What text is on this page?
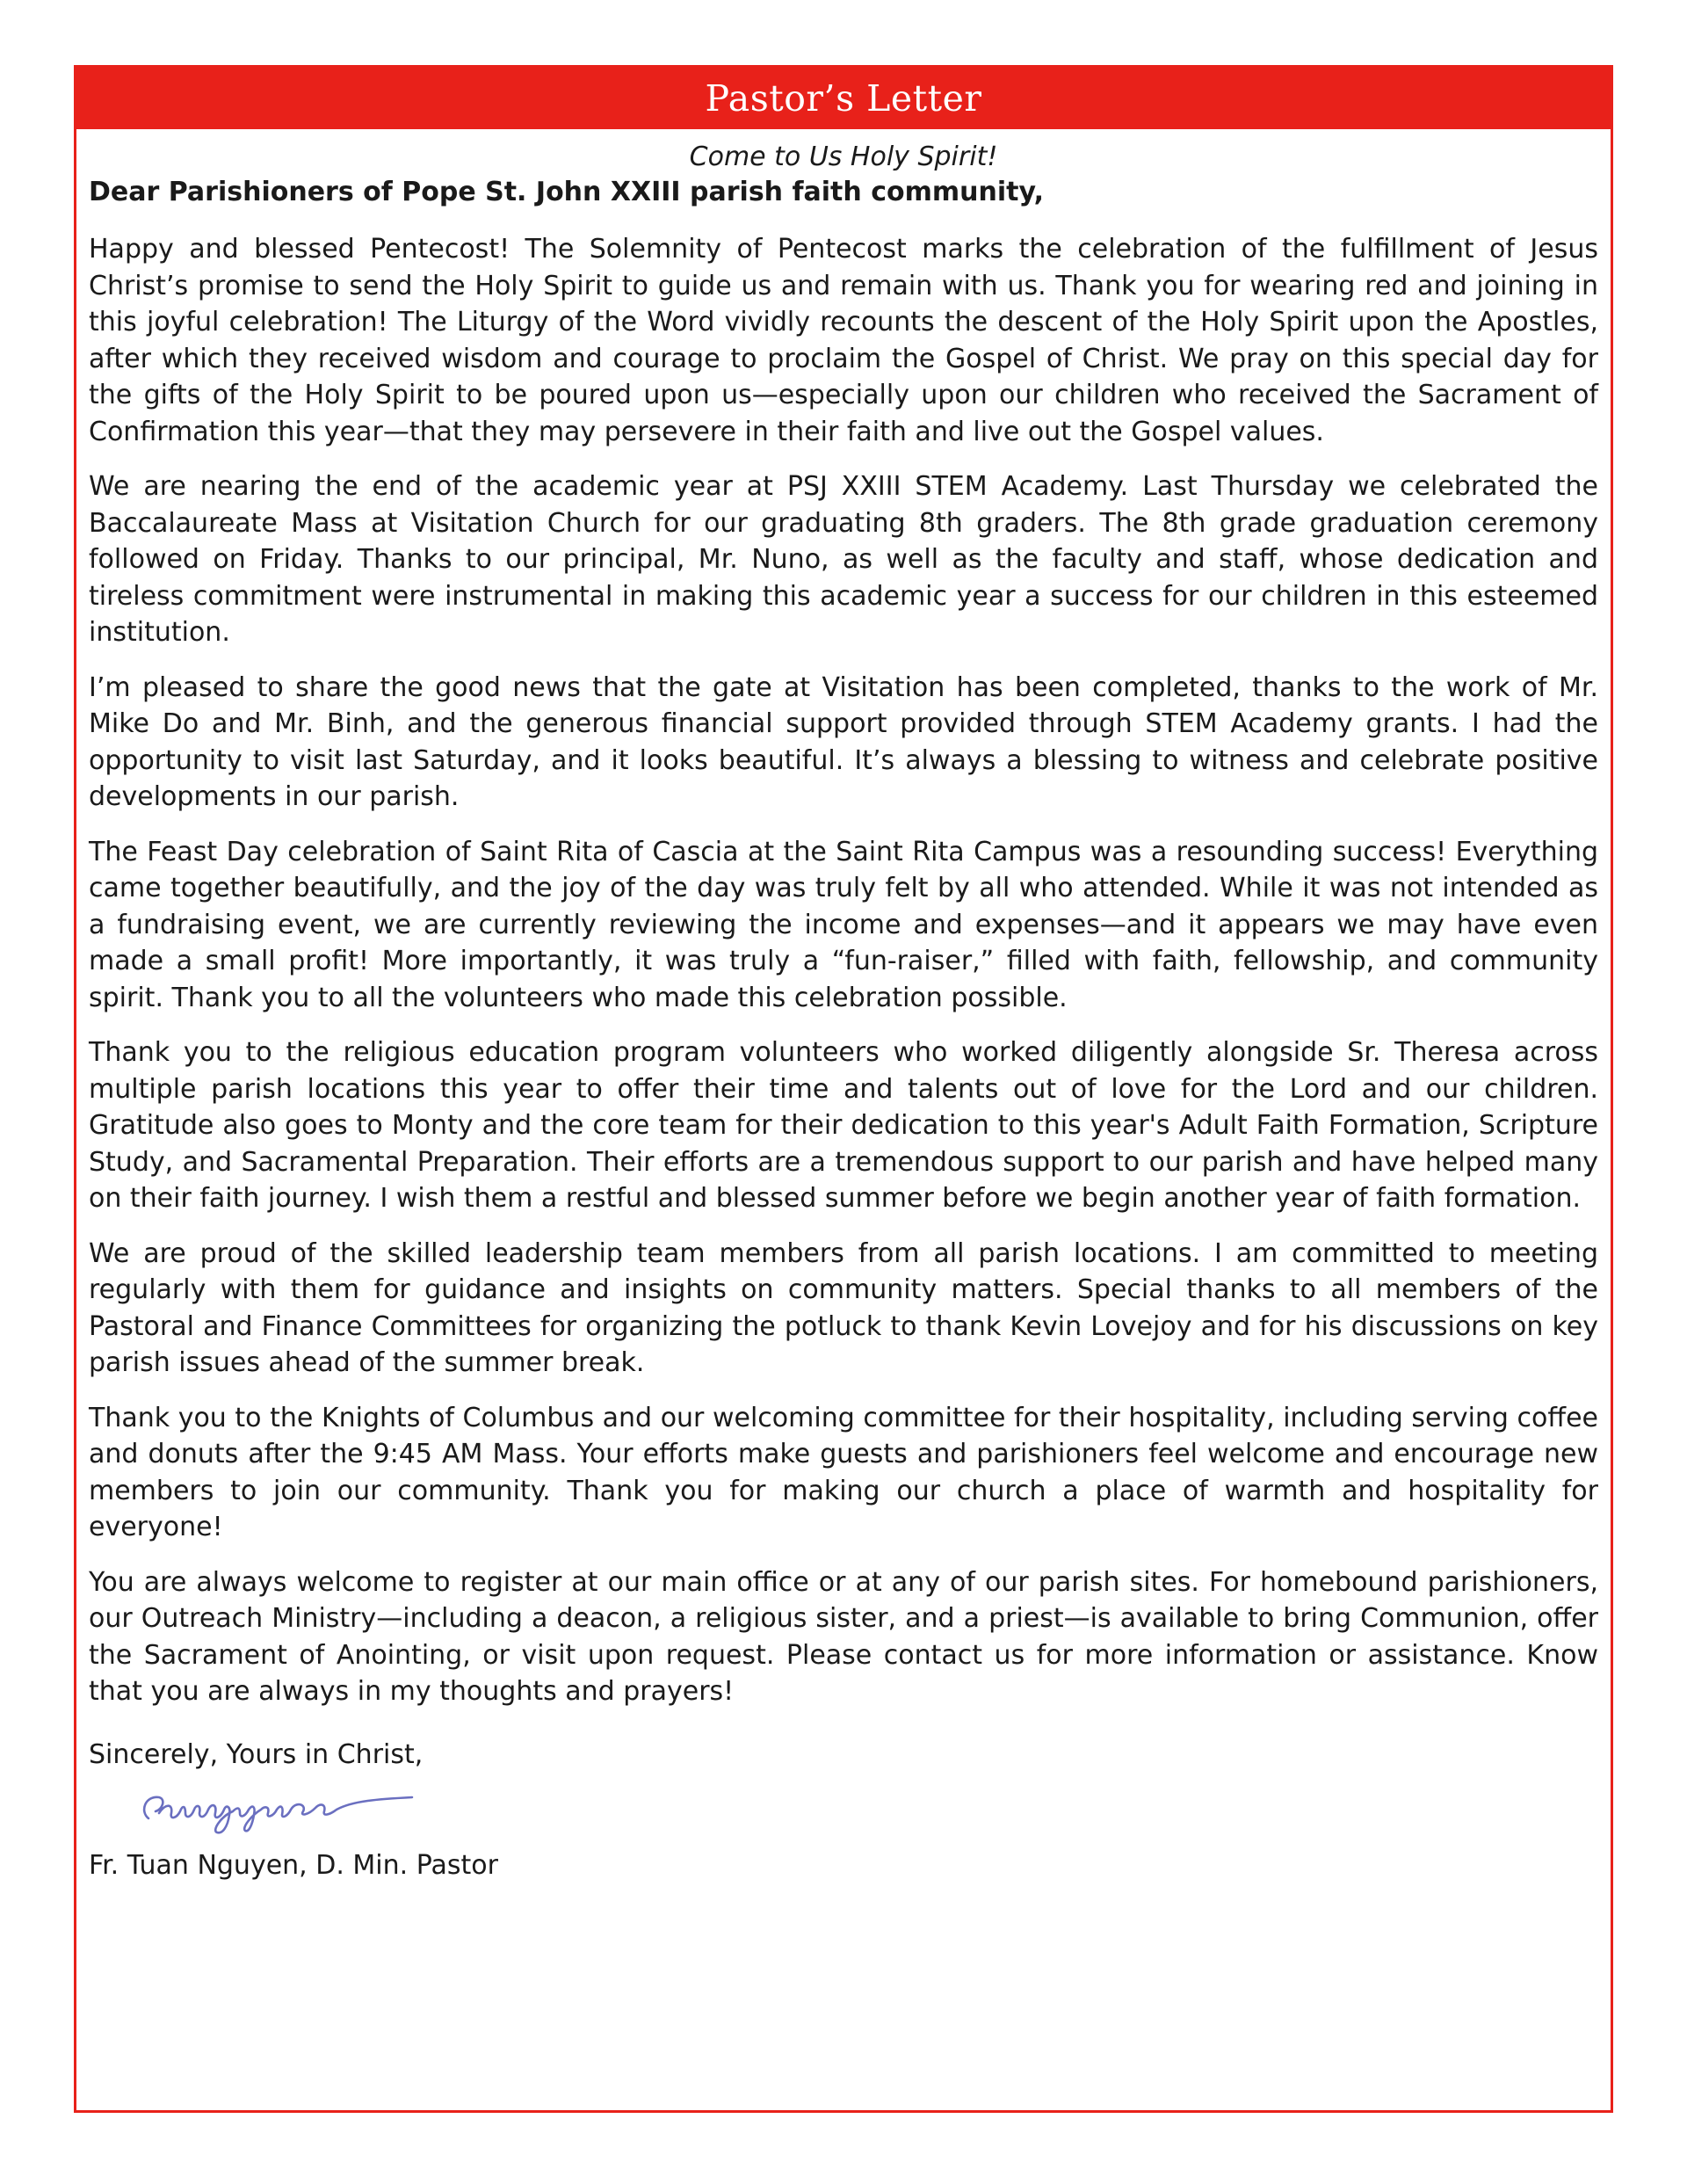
Pastor’s Letter

Come to Us Holy Spirit!

Dear Parishioners of Pope St. John XXIII parish faith community,

Happy and blessed Pentecost! The Solemnity of Pentecost marks the celebration of the fulfillment of Jesus Christ’s promise to send the Holy Spirit to guide us and remain with us. Thank you for wearing red and joining in this joyful celebration! The Liturgy of the Word vividly recounts the descent of the Holy Spirit upon the Apostles, after which they received wisdom and courage to proclaim the Gospel of Christ. We pray on this special day for the gifts of the Holy Spirit to be poured upon us—especially upon our children who received the Sacrament of Confirmation this year—that they may persevere in their faith and live out the Gospel values.

We are nearing the end of the academic year at PSJ XXIII STEM Academy. Last Thursday we celebrated the Baccalaureate Mass at Visitation Church for our graduating 8th graders. The 8th grade graduation ceremony followed on Friday. Thanks to our principal, Mr. Nuno, as well as the faculty and staff, whose dedication and tireless commitment were instrumental in making this academic year a success for our children in this esteemed institution.

I’m pleased to share the good news that the gate at Visitation has been completed, thanks to the work of Mr. Mike Do and Mr. Binh, and the generous financial support provided through STEM Academy grants. I had the opportunity to visit last Saturday, and it looks beautiful. It’s always a blessing to witness and celebrate positive developments in our parish.

The Feast Day celebration of Saint Rita of Cascia at the Saint Rita Campus was a resounding success! Everything came together beautifully, and the joy of the day was truly felt by all who attended. While it was not intended as a fundraising event, we are currently reviewing the income and expenses—and it appears we may have even made a small profit! More importantly, it was truly a “fun-raiser,” filled with faith, fellowship, and community spirit. Thank you to all the volunteers who made this celebration possible.

Thank you to the religious education program volunteers who worked diligently alongside Sr. Theresa across multiple parish locations this year to offer their time and talents out of love for the Lord and our children. Gratitude also goes to Monty and the core team for their dedication to this year's Adult Faith Formation, Scripture Study, and Sacramental Preparation. Their efforts are a tremendous support to our parish and have helped many on their faith journey. I wish them a restful and blessed summer before we begin another year of faith formation.

We are proud of the skilled leadership team members from all parish locations. I am committed to meeting regularly with them for guidance and insights on community matters. Special thanks to all members of the Pastoral and Finance Committees for organizing the potluck to thank Kevin Lovejoy and for his discussions on key parish issues ahead of the summer break.

Thank you to the Knights of Columbus and our welcoming committee for their hospitality, including serving coffee and donuts after the 9:45 AM Mass. Your efforts make guests and parishioners feel welcome and encourage new members to join our community. Thank you for making our church a place of warmth and hospitality for everyone!

You are always welcome to register at our main office or at any of our parish sites. For homebound parishioners, our Outreach Ministry—including a deacon, a religious sister, and a priest—is available to bring Communion, offer the Sacrament of Anointing, or visit upon request. Please contact us for more information or assistance. Know that you are always in my thoughts and prayers!

Sincerely, Yours in Christ,

Fr. Tuan Nguyen, D. Min. Pastor
